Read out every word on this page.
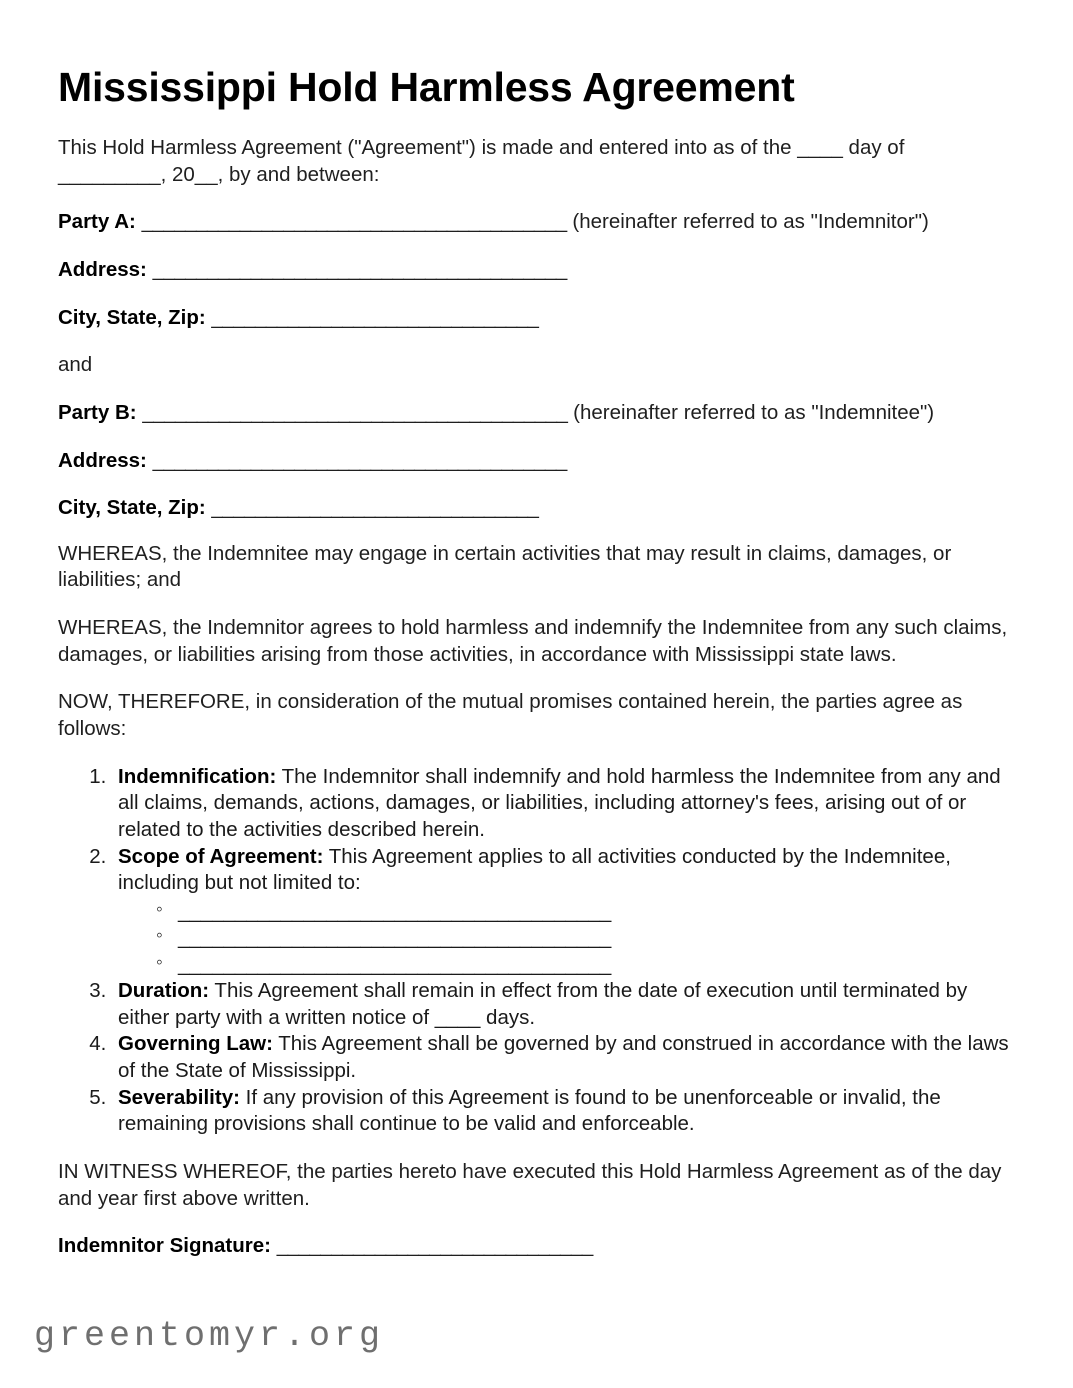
Mississippi Hold Harmless Agreement

This Hold Harmless Agreement ("Agreement") is made and entered into as of the ____ day of _________, 20__, by and between:

Party A: _______________________________________ (hereinafter referred to as "Indemnitor")

Address: ______________________________________

City, State, Zip: ______________________________

and

Party B: _______________________________________ (hereinafter referred to as "Indemnitee")

Address: ______________________________________

City, State, Zip: ______________________________

WHEREAS, the Indemnitee may engage in certain activities that may result in claims, damages, or liabilities; and

WHEREAS, the Indemnitor agrees to hold harmless and indemnify the Indemnitee from any such claims, damages, or liabilities arising from those activities, in accordance with Mississippi state laws.

NOW, THEREFORE, in consideration of the mutual promises contained herein, the parties agree as follows:

1. Indemnification: The Indemnitor shall indemnify and hold harmless the Indemnitee from any and all claims, demands, actions, damages, or liabilities, including attorney's fees, arising out of or related to the activities described herein.
2. Scope of Agreement: This Agreement applies to all activities conducted by the Indemnitee, including but not limited to:
◦ ______________________________________
◦ ______________________________________
◦ ______________________________________
3. Duration: This Agreement shall remain in effect from the date of execution until terminated by either party with a written notice of ____ days.
4. Governing Law: This Agreement shall be governed by and construed in accordance with the laws of the State of Mississippi.
5. Severability: If any provision of this Agreement is found to be unenforceable or invalid, the remaining provisions shall continue to be valid and enforceable.

IN WITNESS WHEREOF, the parties hereto have executed this Hold Harmless Agreement as of the day and year first above written.

Indemnitor Signature: _____________________________

greentomyr.org
